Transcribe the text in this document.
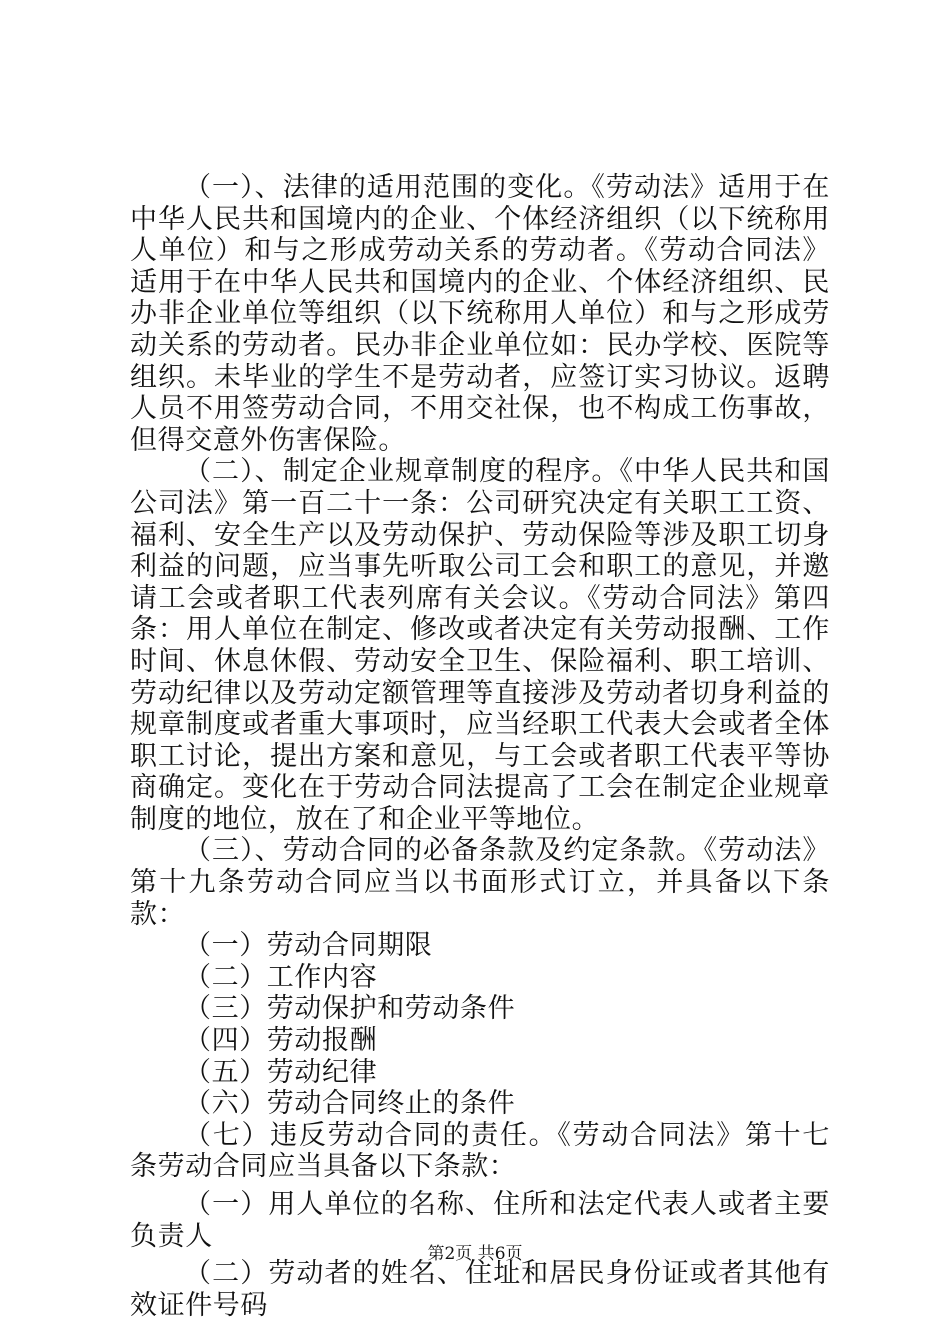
（一）、法律的适用范围的变化。《劳动法》适用于在中华人民共和国境内的企业、个体经济组织（以下统称用人单位）和与之形成劳动关系的劳动者。《劳动合同法》适用于在中华人民共和国境内的企业、个体经济组织、民办非企业单位等组织（以下统称用人单位）和与之形成劳动关系的劳动者。民办非企业单位如：民办学校、医院等组织。未毕业的学生不是劳动者，应签订实习协议。返聘人员不用签劳动合同，不用交社保，也不构成工伤事故，但得交意外伤害保险。

（二）、制定企业规章制度的程序。《中华人民共和国公司法》第一百二十一条：公司研究决定有关职工工资、福利、安全生产以及劳动保护、劳动保险等涉及职工切身利益的问题，应当事先听取公司工会和职工的意见，并邀请工会或者职工代表列席有关会议。《劳动合同法》第四条：用人单位在制定、修改或者决定有关劳动报酬、工作时间、休息休假、劳动安全卫生、保险福利、职工培训、劳动纪律以及劳动定额管理等直接涉及劳动者切身利益的规章制度或者重大事项时，应当经职工代表大会或者全体职工讨论，提出方案和意见，与工会或者职工代表平等协商确定。变化在于劳动合同法提高了工会在制定企业规章制度的地位，放在了和企业平等地位。

（三）、劳动合同的必备条款及约定条款。《劳动法》第十九条劳动合同应当以书面形式订立，并具备以下条款：

（一）劳动合同期限

（二）工作内容

（三）劳动保护和劳动条件

（四）劳动报酬

（五）劳动纪律

（六）劳动合同终止的条件

（七）违反劳动合同的责任。《劳动合同法》第十七条劳动合同应当具备以下条款：

（一）用人单位的名称、住所和法定代表人或者主要负责人

（二）劳动者的姓名、住址和居民身份证或者其他有效证件号码

第2页 共6页
